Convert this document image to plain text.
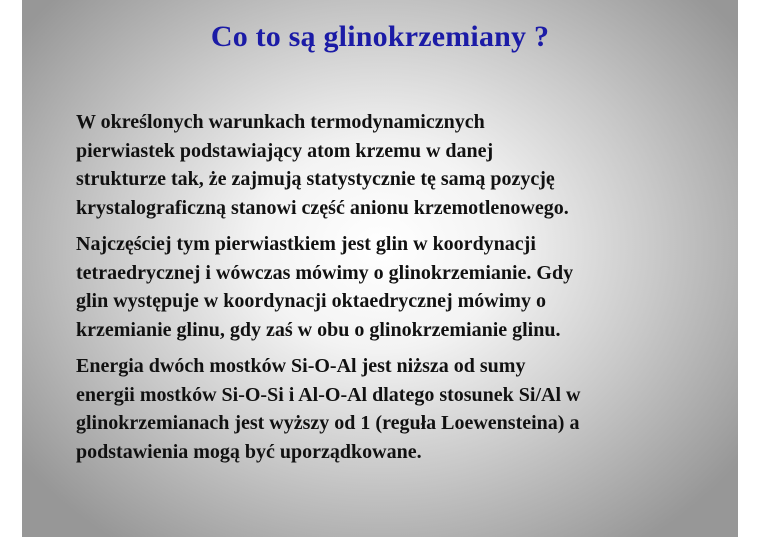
Co to są glinokrzemiany ?

W określonych warunkach termodynamicznych
pierwiastek podstawiający atom krzemu w danej
strukturze tak, że zajmują statystycznie tę samą pozycję
krystalograficzną stanowi część anionu krzemotlenowego.

Najczęściej tym pierwiastkiem jest glin w koordynacji
tetraedrycznej i wówczas mówimy o glinokrzemianie. Gdy
glin występuje w koordynacji oktaedrycznej mówimy o
krzemianie glinu, gdy zaś w obu o glinokrzemianie glinu.

Energia dwóch mostków Si-O-Al jest niższa od sumy
energii mostków Si-O-Si i Al-O-Al dlatego stosunek Si/Al w
glinokrzemianach jest wyższy od 1 (reguła Loewensteina) a
podstawienia mogą być uporządkowane.
